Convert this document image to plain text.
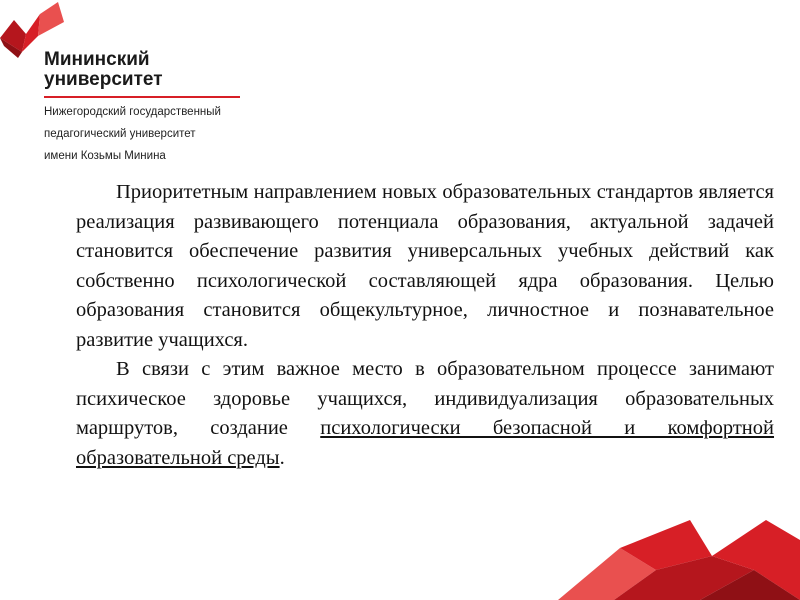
Мининский
университет
Нижегородский государственный
педагогический университет
имени Козьмы Минина

Приоритетным направлением новых образовательных стандартов является реализация развивающего потенциала образования, актуальной задачей становится обеспечение развития универсальных учебных действий как собственно психологической составляющей ядра образования. Целью образования становится общекультурное, личностное и познавательное развитие учащихся.

В связи с этим важное место в образовательном процессе занимают психическое здоровье учащихся, индивидуализация образовательных маршрутов, создание психологически безопасной и комфортной образовательной среды.
